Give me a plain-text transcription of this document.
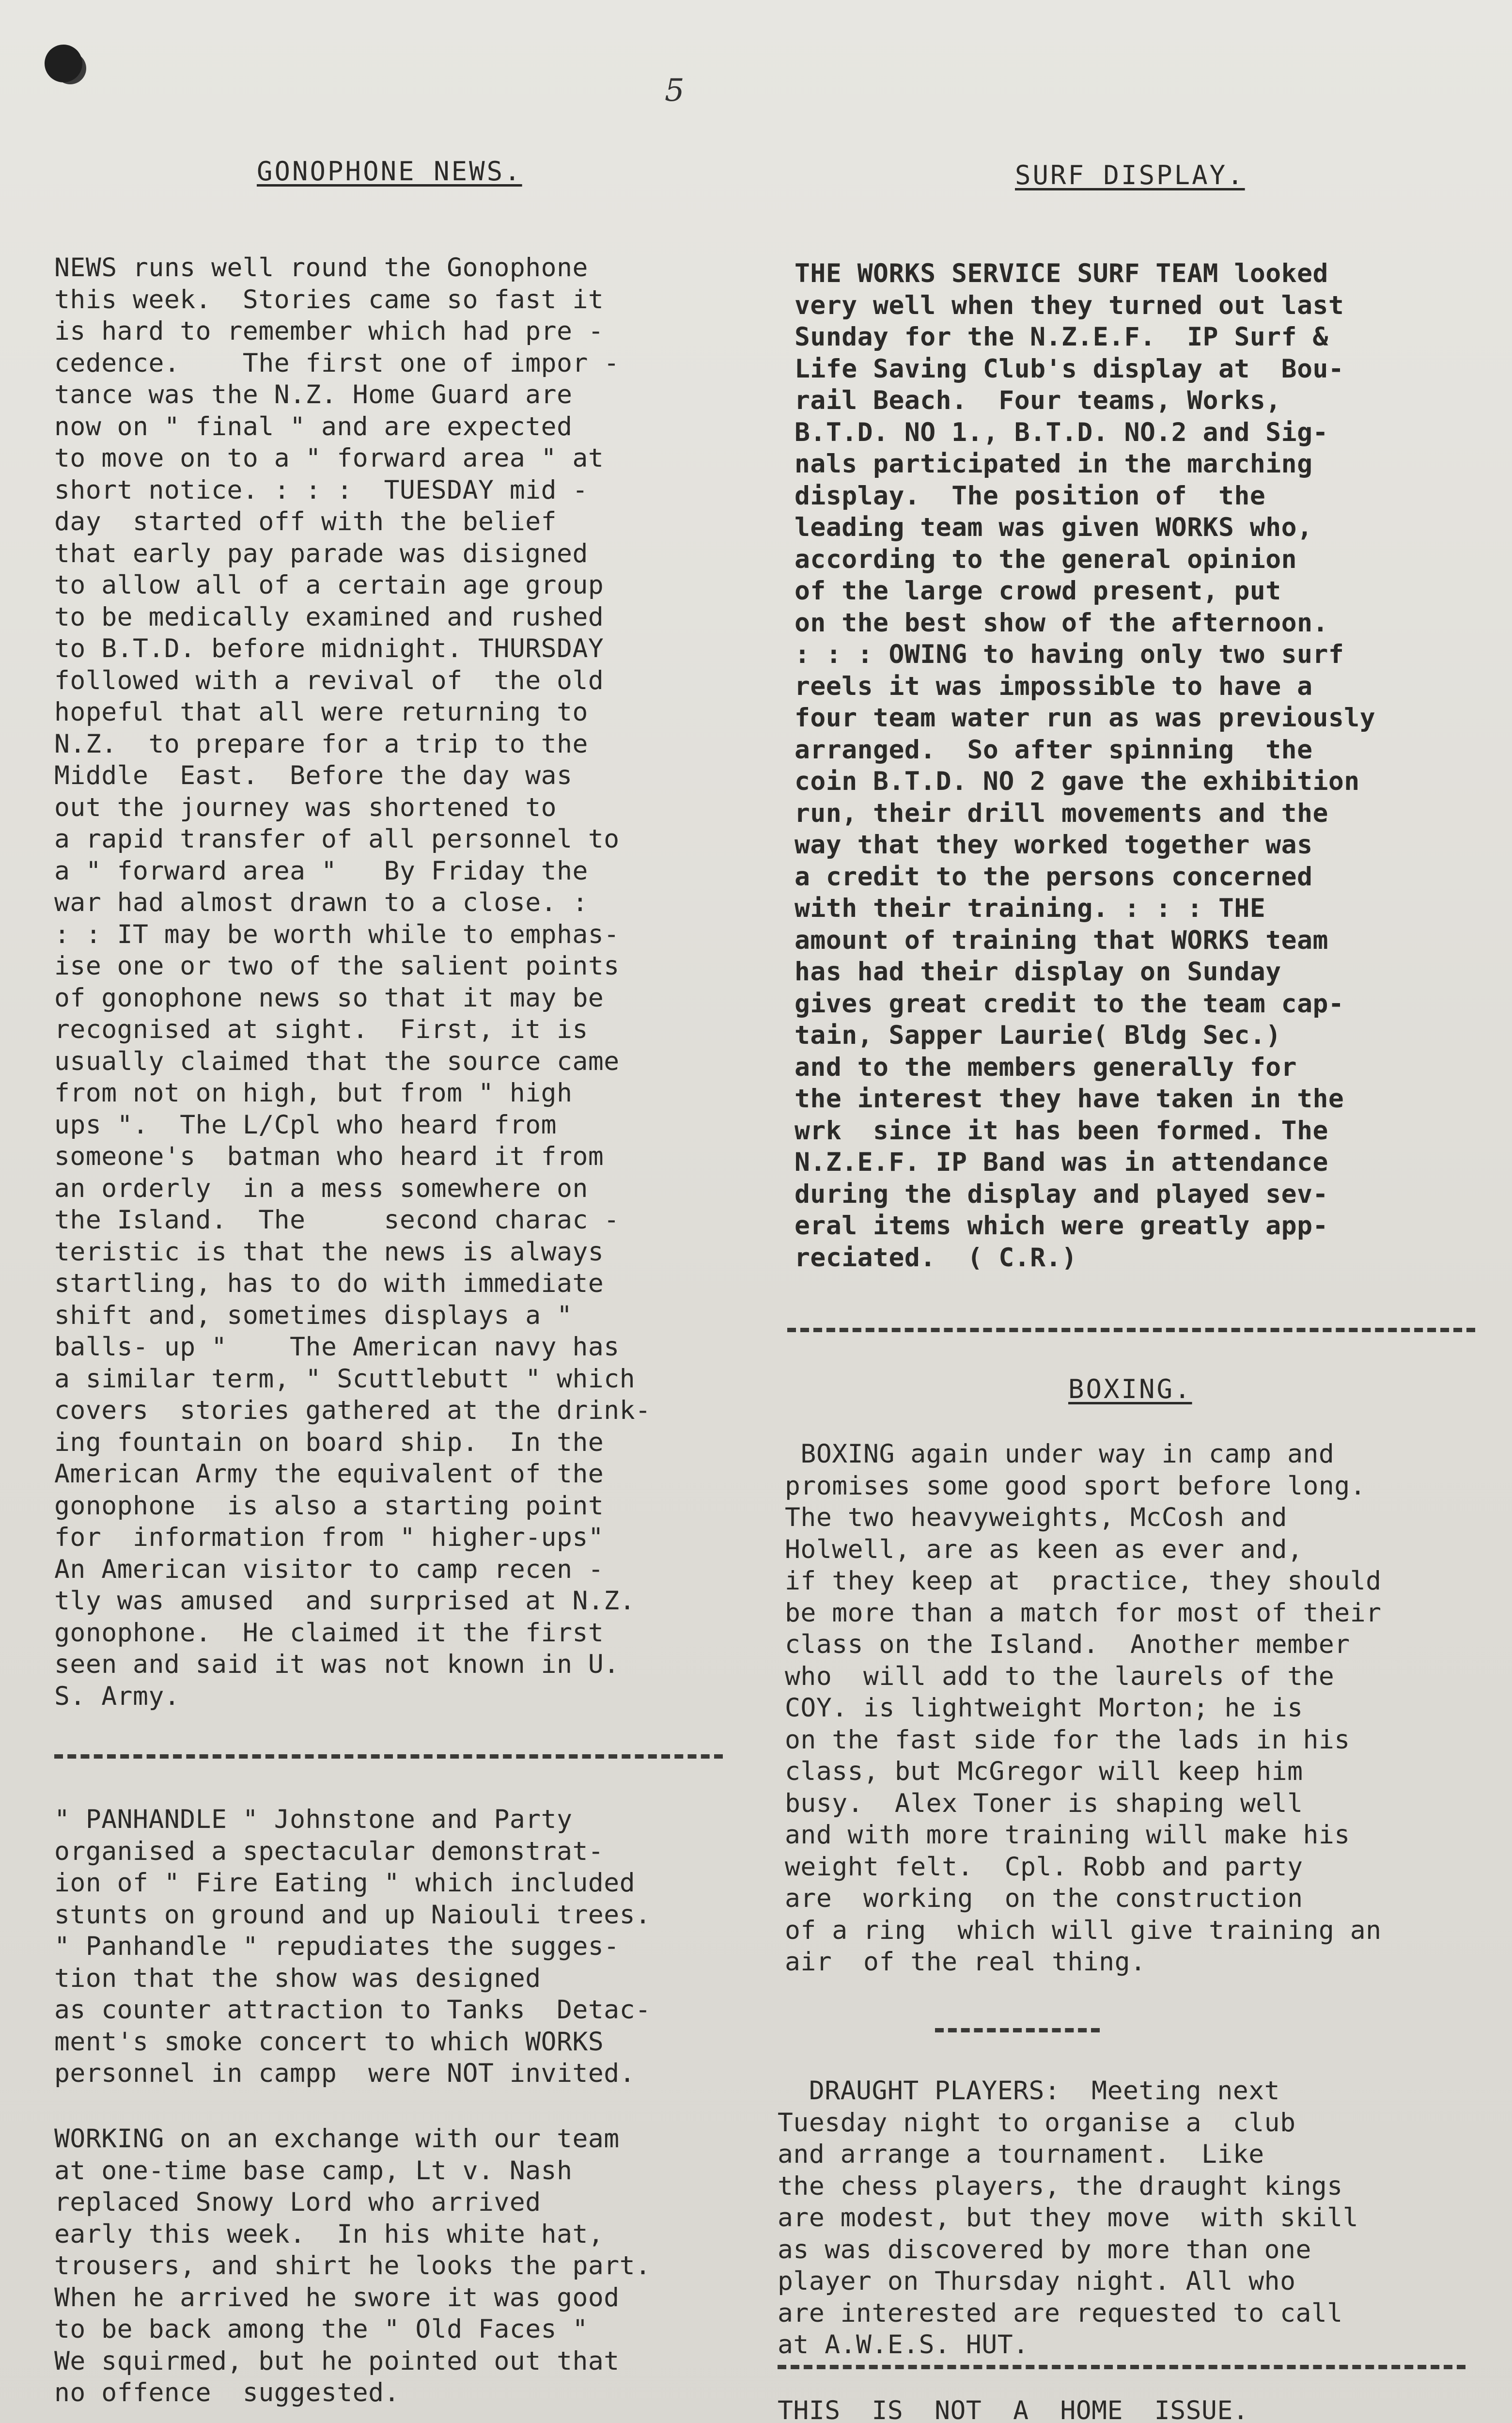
5
GONOPHONE NEWS.
NEWS runs well round the Gonophone
this week.  Stories came so fast it
is hard to remember which had pre -
cedence.    The first one of impor -
tance was the N.Z. Home Guard are
now on " final " and are expected
to move on to a " forward area " at
short notice. : : :  TUESDAY mid -
day  started off with the belief
that early pay parade was disigned
to allow all of a certain age group
to be medically examined and rushed
to B.T.D. before midnight. THURSDAY
followed with a revival of  the old
hopeful that all were returning to
N.Z.  to prepare for a trip to the
Middle  East.  Before the day was
out the journey was shortened to
a rapid transfer of all personnel to
a " forward area "   By Friday the
war had almost drawn to a close. :
: : IT may be worth while to emphas-
ise one or two of the salient points
of gonophone news so that it may be
recognised at sight.  First, it is
usually claimed that the source came
from not on high, but from " high
ups ".  The L/Cpl who heard from
someone's  batman who heard it from
an orderly  in a mess somewhere on
the Island.  The     second charac -
teristic is that the news is always
startling, has to do with immediate
shift and, sometimes displays a "
balls- up "    The American navy has
a similar term, " Scuttlebutt " which
covers  stories gathered at the drink-
ing fountain on board ship.  In the
American Army the equivalent of the
gonophone  is also a starting point
for  information from " higher-ups"
An American visitor to camp recen -
tly was amused  and surprised at N.Z.
gonophone.  He claimed it the first
seen and said it was not known in U.
S. Army.
" PANHANDLE " Johnstone and Party
organised a spectacular demonstrat-
ion of " Fire Eating " which included
stunts on ground and up Naiouli trees.
" Panhandle " repudiates the sugges-
tion that the show was designed
as counter attraction to Tanks  Detac-
ment's smoke concert to which WORKS
personnel in campp  were NOT invited.
WORKING on an exchange with our team
at one-time base camp, Lt v. Nash
replaced Snowy Lord who arrived
early this week.  In his white hat,
trousers, and shirt he looks the part.
When he arrived he swore it was good
to be back among the " Old Faces "
We squirmed, but he pointed out that
no offence  suggested.
SURF DISPLAY.
THE WORKS SERVICE SURF TEAM looked
very well when they turned out last
Sunday for the N.Z.E.F.  IP Surf &
Life Saving Club's display at  Bou-
rail Beach.  Four teams, Works,
B.T.D. NO 1., B.T.D. NO.2 and Sig-
nals participated in the marching
display.  The position of  the
leading team was given WORKS who,
according to the general opinion
of the large crowd present, put
on the best show of the afternoon.
: : : OWING to having only two surf
reels it was impossible to have a
four team water run as was previously
arranged.  So after spinning  the
coin B.T.D. NO 2 gave the exhibition
run, their drill movements and the
way that they worked together was
a credit to the persons concerned
with their training. : : : THE
amount of training that WORKS team
has had their display on Sunday
gives great credit to the team cap-
tain, Sapper Laurie( Bldg Sec.)
and to the members generally for
the interest they have taken in the
wrk  since it has been formed. The
N.Z.E.F. IP Band was in attendance
during the display and played sev-
eral items which were greatly app-
reciated.  ( C.R.)
BOXING.
BOXING again under way in camp and
promises some good sport before long.
The two heavyweights, McCosh and
Holwell, are as keen as ever and,
if they keep at  practice, they should
be more than a match for most of their
class on the Island.  Another member
who  will add to the laurels of the
COY. is lightweight Morton; he is
on the fast side for the lads in his
class, but McGregor will keep him
busy.  Alex Toner is shaping well
and with more training will make his
weight felt.  Cpl. Robb and party
are  working  on the construction
of a ring  which will give training an
air  of the real thing.
DRAUGHT PLAYERS:  Meeting next
Tuesday night to organise a  club
and arrange a tournament.  Like
the chess players, the draught kings
are modest, but they move  with skill
as was discovered by more than one
player on Thursday night. All who
are interested are requested to call
at A.W.E.S. HUT.
THIS  IS  NOT  A  HOME  ISSUE.
